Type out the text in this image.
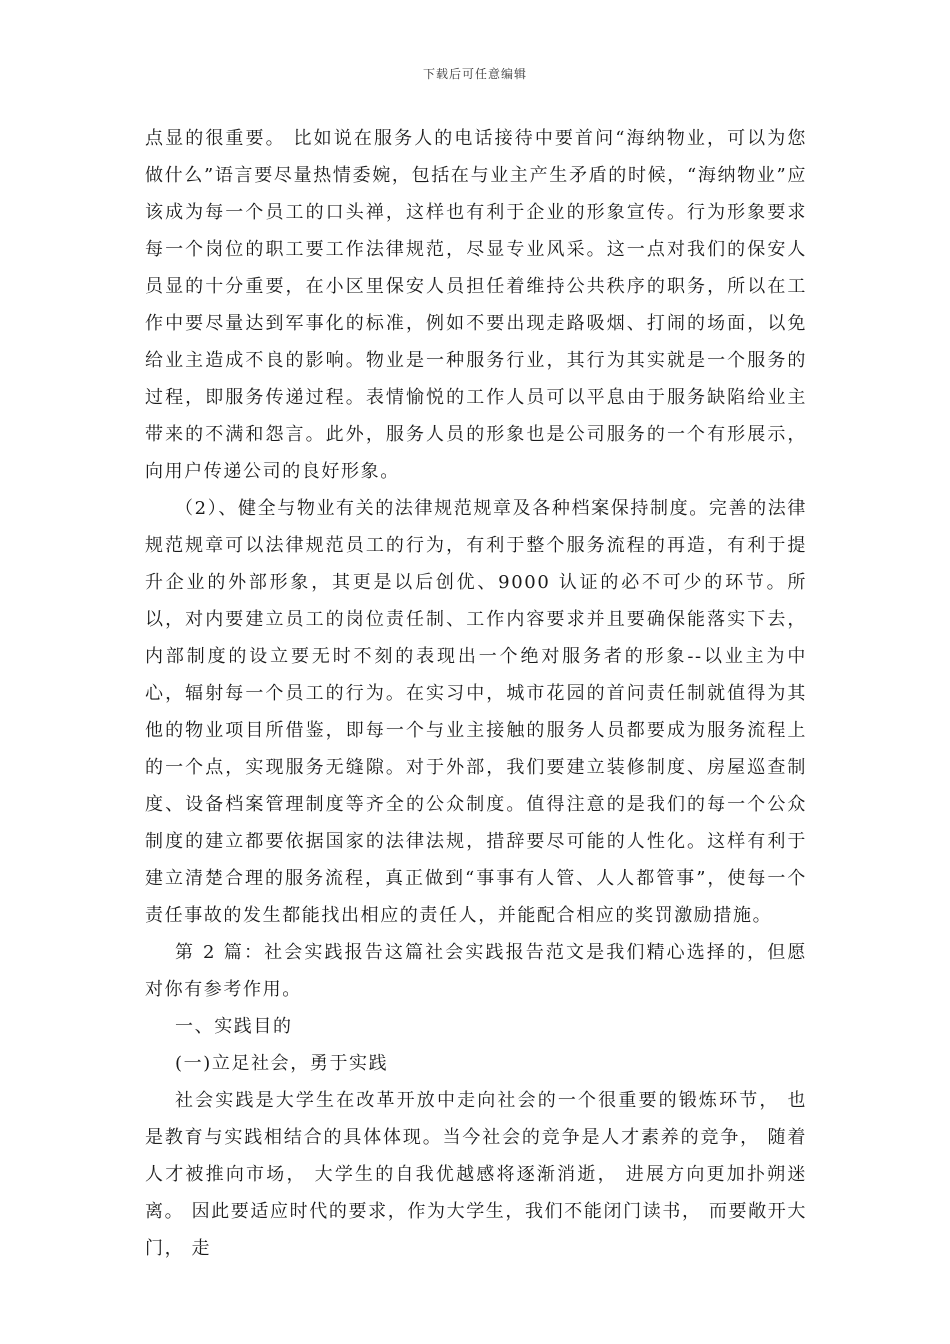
下载后可任意编辑

点显的很重要。 比如说在服务人的电话接待中要首问“海纳物业，可以为您做什么”语言要尽量热情委婉，包括在与业主产生矛盾的时候，“海纳物业”应该成为每一个员工的口头禅，这样也有利于企业的形象宣传。行为形象要求每一个岗位的职工要工作法律规范，尽显专业风采。这一点对我们的保安人员显的十分重要，在小区里保安人员担任着维持公共秩序的职务，所以在工作中要尽量达到军事化的标准，例如不要出现走路吸烟、打闹的场面，以免给业主造成不良的影响。物业是一种服务行业，其行为其实就是一个服务的过程，即服务传递过程。表情愉悦的工作人员可以平息由于服务缺陷给业主带来的不满和怨言。此外，服务人员的形象也是公司服务的一个有形展示，向用户传递公司的良好形象。

（2）、健全与物业有关的法律规范规章及各种档案保持制度。完善的法律规范规章可以法律规范员工的行为，有利于整个服务流程的再造，有利于提升企业的外部形象，其更是以后创优、9000 认证的必不可少的环节。所以，对内要建立员工的岗位责任制、工作内容要求并且要确保能落实下去，内部制度的设立要无时不刻的表现出一个绝对服务者的形象--以业主为中心，辐射每一个员工的行为。在实习中，城市花园的首问责任制就值得为其他的物业项目所借鉴，即每一个与业主接触的服务人员都要成为服务流程上的一个点，实现服务无缝隙。对于外部，我们要建立装修制度、房屋巡查制度、设备档案管理制度等齐全的公众制度。值得注意的是我们的每一个公众制度的建立都要依据国家的法律法规，措辞要尽可能的人性化。这样有利于建立清楚合理的服务流程，真正做到“事事有人管、人人都管事”，使每一个责任事故的发生都能找出相应的责任人，并能配合相应的奖罚激励措施。

第 2 篇：社会实践报告这篇社会实践报告范文是我们精心选择的，但愿对你有参考作用。

一、实践目的

(一)立足社会，勇于实践

社会实践是大学生在改革开放中走向社会的一个很重要的锻炼环节， 也是教育与实践相结合的具体体现。当今社会的竞争是人才素养的竞争， 随着人才被推向市场， 大学生的自我优越感将逐渐消逝， 进展方向更加扑朔迷离。 因此要适应时代的要求，作为大学生，我们不能闭门读书， 而要敞开大门， 走
